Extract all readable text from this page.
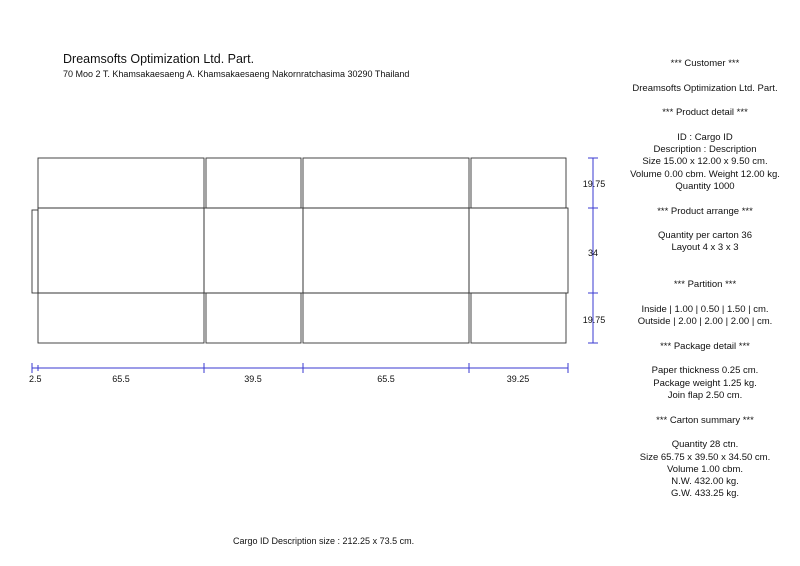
Dreamsofts Optimization Ltd. Part.
70 Moo 2 T. Khamsakaesaeng A. Khamsakaesaeng Nakornratchasima 30290 Thailand
2.5	65.5	39.5	65.5	39.25
19.75
34
19.75
*** Customer ***
Dreamsofts Optimization Ltd. Part.
*** Product detail ***
ID : Cargo ID
Description : Description
Size 15.00 x 12.00 x 9.50 cm.
Volume 0.00 cbm. Weight 12.00 kg.
Quantity 1000
*** Product arrange ***
Quantity per carton 36
Layout 4 x 3 x 3
*** Partition ***
Inside | 1.00 | 0.50 | 1.50 | cm.
Outside | 2.00 | 2.00 | 2.00 | cm.
*** Package detail ***
Paper thickness 0.25 cm.
Package weight 1.25 kg.
Join flap 2.50 cm.
*** Carton summary ***
Quantity 28 ctn.
Size 65.75 x 39.50 x 34.50 cm.
Volume 1.00 cbm.
N.W. 432.00 kg.
G.W. 433.25 kg.
Cargo ID Description size : 212.25 x 73.5 cm.
